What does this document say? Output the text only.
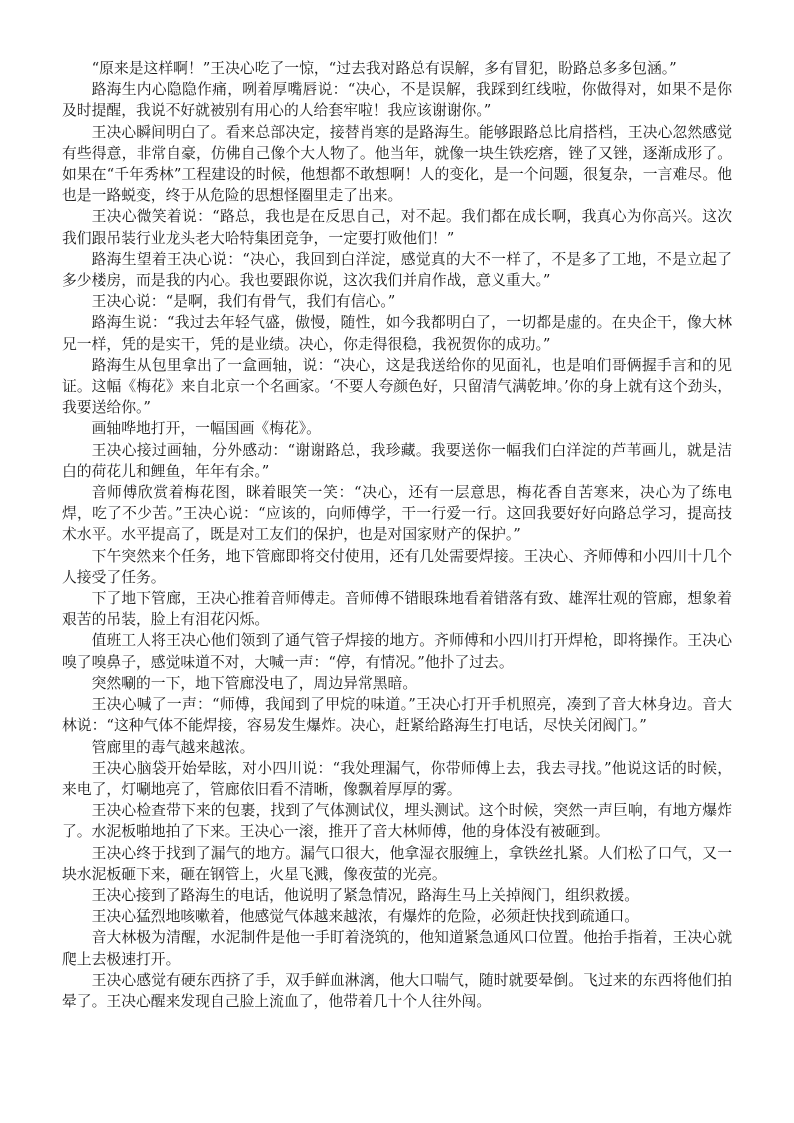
“原来是这样啊！”王决心吃了一惊，“过去我对路总有误解，多有冒犯，盼路总多多包涵。”

路海生内心隐隐作痛，咧着厚嘴唇说：“决心，不是误解，我踩到红线啦，你做得对，如果不是你及时提醒，我说不好就被别有用心的人给套牢啦！我应该谢谢你。”

王决心瞬间明白了。看来总部决定，接替肖寒的是路海生。能够跟路总比肩搭档，王决心忽然感觉有些得意，非常自豪，仿佛自己像个大人物了。他当年，就像一块生铁疙瘩，锉了又锉，逐渐成形了。如果在“千年秀林”工程建设的时候，他想都不敢想啊！人的变化，是一个问题，很复杂，一言难尽。他也是一路蜕变，终于从危险的思想怪圈里走了出来。

王决心微笑着说：“路总，我也是在反思自己，对不起。我们都在成长啊，我真心为你高兴。这次我们跟吊装行业龙头老大哈特集团竞争，一定要打败他们！”

路海生望着王决心说：“决心，我回到白洋淀，感觉真的大不一样了，不是多了工地，不是立起了多少楼房，而是我的内心。我也要跟你说，这次我们并肩作战，意义重大。”

王决心说：“是啊，我们有骨气，我们有信心。”

路海生说：“我过去年轻气盛，傲慢，随性，如今我都明白了，一切都是虚的。在央企干，像大林兄一样，凭的是实干，凭的是业绩。决心，你走得很稳，我祝贺你的成功。”

路海生从包里拿出了一盒画轴，说：“决心，这是我送给你的见面礼，也是咱们哥俩握手言和的见证。这幅《梅花》来自北京一个名画家。‘不要人夸颜色好，只留清气满乾坤。’你的身上就有这个劲头，我要送给你。”

画轴哗地打开，一幅国画《梅花》。

王决心接过画轴，分外感动：“谢谢路总，我珍藏。我要送你一幅我们白洋淀的芦苇画儿，就是洁白的荷花儿和鲤鱼，年年有余。”

音师傅欣赏着梅花图，眯着眼笑一笑：“决心，还有一层意思，梅花香自苦寒来，决心为了练电焊，吃了不少苦。”王决心说：“应该的，向师傅学，干一行爱一行。这回我要好好向路总学习，提高技术水平。水平提高了，既是对工友们的保护，也是对国家财产的保护。”

下午突然来个任务，地下管廊即将交付使用，还有几处需要焊接。王决心、齐师傅和小四川十几个人接受了任务。

下了地下管廊，王决心推着音师傅走。音师傅不错眼珠地看着错落有致、雄浑壮观的管廊，想象着艰苦的吊装，脸上有泪花闪烁。

值班工人将王决心他们领到了通气管子焊接的地方。齐师傅和小四川打开焊枪，即将操作。王决心嗅了嗅鼻子，感觉味道不对，大喊一声：“停，有情况。”他扑了过去。

突然唰的一下，地下管廊没电了，周边异常黑暗。

王决心喊了一声：“师傅，我闻到了甲烷的味道。”王决心打开手机照亮，凑到了音大林身边。音大林说：“这种气体不能焊接，容易发生爆炸。决心，赶紧给路海生打电话，尽快关闭阀门。”

管廊里的毒气越来越浓。

王决心脑袋开始晕眩，对小四川说：“我处理漏气，你带师傅上去，我去寻找。”他说这话的时候，来电了，灯唰地亮了，管廊依旧看不清晰，像飘着厚厚的雾。

王决心检查带下来的包裹，找到了气体测试仪，埋头测试。这个时候，突然一声巨响，有地方爆炸了。水泥板啪地拍了下来。王决心一滚，推开了音大林师傅，他的身体没有被砸到。

王决心终于找到了漏气的地方。漏气口很大，他拿湿衣服缠上，拿铁丝扎紧。人们松了口气，又一块水泥板砸下来，砸在钢管上，火星飞溅，像夜萤的光亮。

王决心接到了路海生的电话，他说明了紧急情况，路海生马上关掉阀门，组织救援。

王决心猛烈地咳嗽着，他感觉气体越来越浓，有爆炸的危险，必须赶快找到疏通口。

音大林极为清醒，水泥制件是他一手盯着浇筑的，他知道紧急通风口位置。他抬手指着，王决心就爬上去极速打开。

王决心感觉有硬东西挤了手，双手鲜血淋漓，他大口喘气，随时就要晕倒。飞过来的东西将他们拍晕了。王决心醒来发现自己脸上流血了，他带着几十个人往外闯。
